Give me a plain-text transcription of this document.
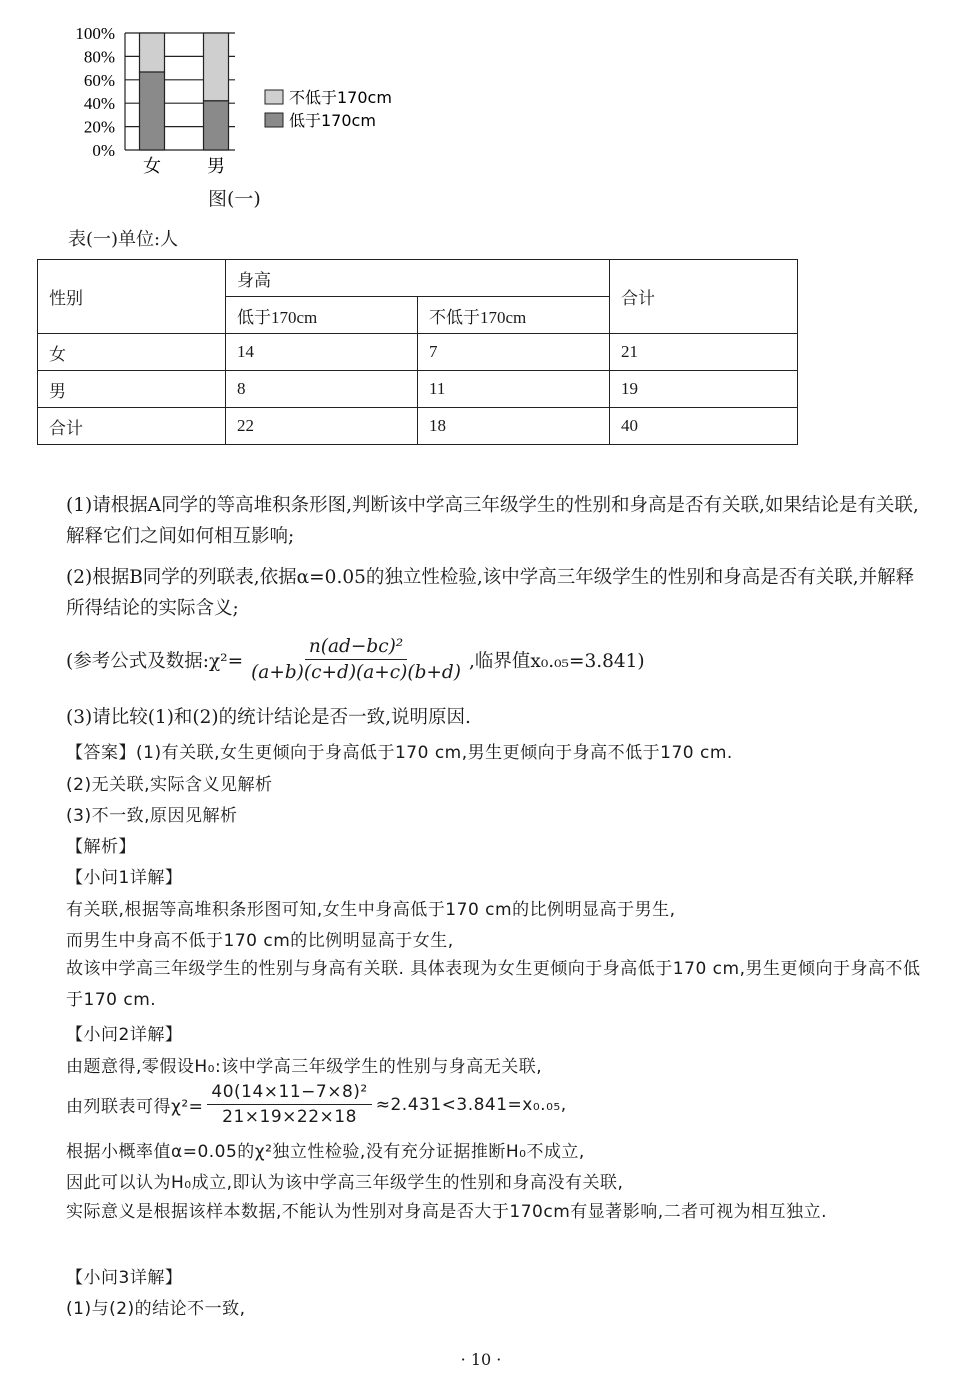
100%
80%
60%
40%
20%
0%
女	男
不低于170cm
低于170cm
图(一)
表(一)单位:人
性别	身高		合计
	低于170cm	不低于170cm	
女	14	7	21
男	8	11	19
合计	22	18	40
(1)请根据A同学的等高堆积条形图,判断该中学高三年级学生的性别和身高是否有关联,如果结论是有关联,解释它们之间如何相互影响;
(2)根据B同学的列联表,依据α=0.05的独立性检验,该中学高三年级学生的性别和身高是否有关联,并解释所得结论的实际含义;
(参考公式及数据:χ²= $\frac{\text{n(ad−bc)²}}{(a+b)(c+d)(a+c)(b+d)}$ ,临界值x₀.₀₅=3.841)
(3)请比较(1)和(2)的统计结论是否一致,说明原因.
【答案】(1)有关联,女生更倾向于身高低于170 cm,男生更倾向于身高不低于170 cm.
(2)无关联,实际含义见解析
(3)不一致,原因见解析
【解析】
【小问1详解】
有关联,根据等高堆积条形图可知,女生中身高低于170 cm的比例明显高于男生,
而男生中身高不低于170 cm的比例明显高于女生,
故该中学高三年级学生的性别与身高有关联. 具体表现为女生更倾向于身高低于170 cm,男生更倾向于身高不低于170 cm.
【小问2详解】
由题意得,零假设H₀:该中学高三年级学生的性别与身高无关联,
由列联表可得$\chi^2= \frac{\text{40(14×11−7×8)²}}{21\times 19\times 22\times 18} \approx 2.431<3.841=x_0._{05}$,
根据小概率值α=0.05的χ²独立性检验,没有充分证据推断H₀不成立,
因此可以认为H₀成立,即认为该中学高三年级学生的性别和身高没有关联,
实际意义是根据该样本数据,不能认为性别对身高是否大于170cm有显著影响,二者可视为相互独立.
【小问3详解】
(1)与(2)的结论不一致,
· 10 ·
